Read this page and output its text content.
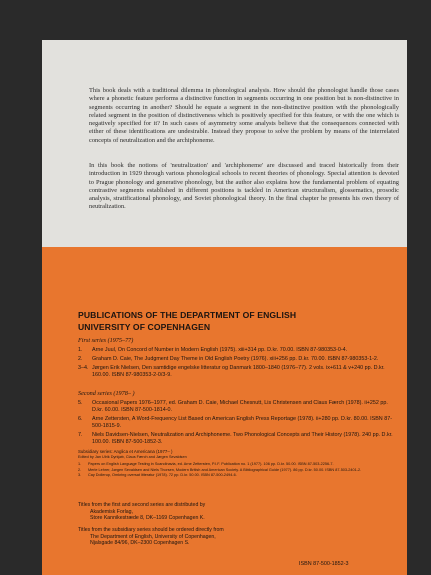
This book deals with a traditional dilemma in phonological analysis. How should the phonologist handle those cases where a phonetic feature performs a distinctive function in segments occurring in one position but is non-distinctive in segments occurring in another? Should he equate a segment in the non-distinctive position with the phonologically related segment in the position of distinctiveness which is positively specified for this feature, or with the one which is negatively specified for it? In such cases of asymmetry some analysts believe that the consequences connected with either of these identifications are undesirable. Instead they propose to solve the problem by means of the interrelated concepts of neutralization and the archiphoneme.

In this book the notions of 'neutralization' and 'archiphoneme' are discussed and traced historically from their introduction in 1929 through various phonological schools to recent theories of phonology. Special attention is devoted to Prague phonology and generative phonology, but the author also explains how the fundamental problem of equating contrastive segments established in different positions is tackled in American structuralism, glossematics, prosodic analysis, stratificational phonology, and Soviet phonological theory. In the final chapter he presents his own theory of neutralization.

PUBLICATIONS OF THE DEPARTMENT OF ENGLISH
UNIVERSITY OF COPENHAGEN
First series (1975–77)
1.	Arne Juul, On Concord of Number in Modern English (1975). xiii+314 pp. D.kr. 70.00. ISBN 87-980353-0-4.
2.	Graham D. Caie, The Judgment Day Theme in Old English Poetry (1976). xiii+256 pp. D.kr. 70.00. ISBN 87-980353-1-2.
3–4. Jørgen Erik Nielsen, Den samtidige engelske litteratur og Danmark 1800–1840 (1976–77). 2 vols. ix+611 & v+240 pp. D.kr. 160.00. ISBN 87-980353-2-0/3-9.
Second series (1978– )
5.	Occasional Papers 1976–1977, ed. Graham D. Caie, Michael Chesnutt, Lis Christensen and Claus Færch (1978). ii+252 pp. D.kr. 60.00. ISBN 87-500-1814-0.
6.	Arne Zettersten, A Word-Frequency List Based on American English Press Reportage (1978). ii+280 pp. D.kr. 80.00. ISBN 87-500-1815-9.
7.	Niels Davidsen-Nielsen, Neutralization and Archiphoneme. Two Phonological Concepts and Their History (1978). 240 pp. D.kr. 100.00. ISBN 87-500-1852-3.
Subsidiary series: Anglica et Americana (1977– )
Edited by Jan Ulrik Dyrkjøb, Claus Færch and Jørgen Sevaldsen
1.	Papers on English Language Testing in Scandinavia, ed. Arne Zettersten, P.I.F. Publication no. 1 (1977). 106 pp. D.kr. 50.00. ISBN 87-503-2256-7.
2.	Merle Lehrer, Jørgen Sevaldsen and Niels Thorsen, Modern British and American Society. A Bibliographical Guide (1977). 86 pp. D.kr. 50.00. ISBN 87-503-2401-2.
3.	Cay Dollerup, Omkring oversat litteratur (1978). 72 pp. D.kr. 50.00. ISBN 87-500-2494-6.
Titles from the first and second series are distributed by
Akademisk Forlag,
Store Kannikestræde 8, DK–1169 Copenhagen K.
Titles from the subsidiary series should be ordered directly from
The Department of English, University of Copenhagen,
Njalsgade 84/96, DK–2300 Copenhagen S.
ISBN 87-500-1852-3
